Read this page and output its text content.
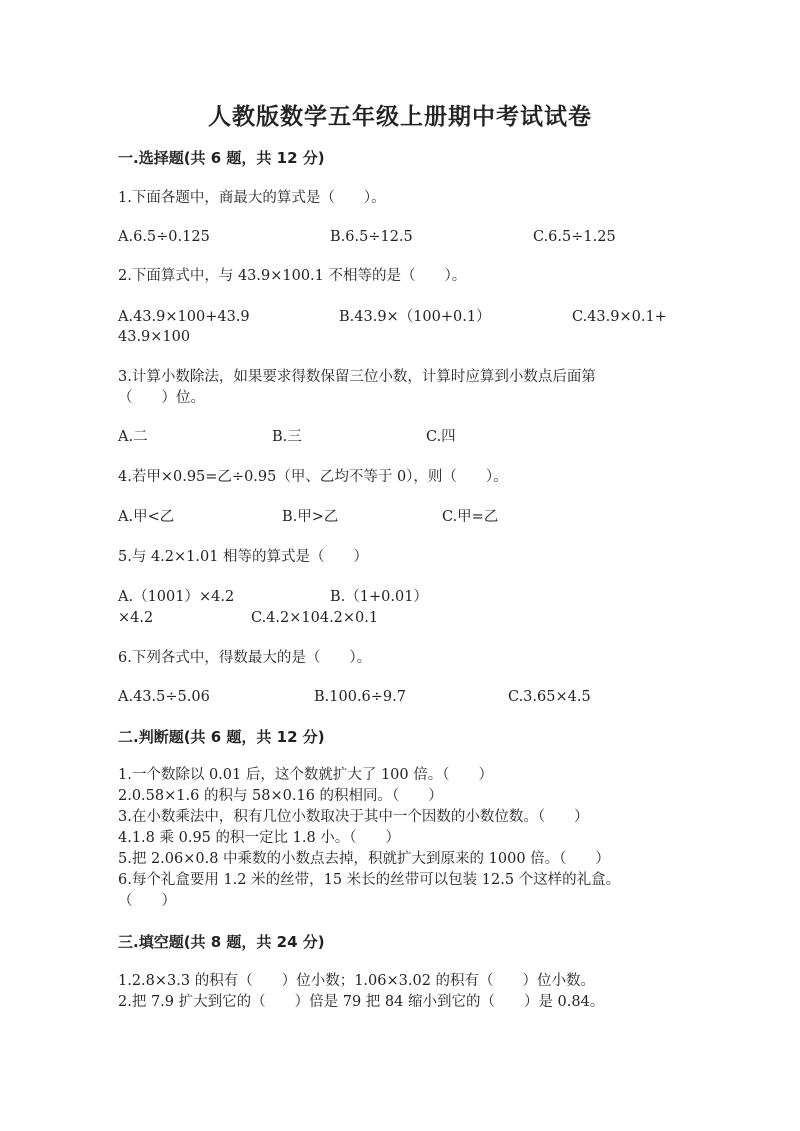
人教版数学五年级上册期中考试试卷
一.选择题(共 6 题，共 12 分)
1.下面各题中，商最大的算式是（　　）。
A.6.5÷0.125	B.6.5÷12.5	C.6.5÷1.25
2.下面算式中，与 43.9×100.1 不相等的是（　　）。
A.43.9×100+43.9	B.43.9×（100+0.1）	C.43.9×0.1+
43.9×100
3.计算小数除法，如果要求得数保留三位小数，计算时应算到小数点后面第
（　　）位。
A.二	B.三	C.四
4.若甲×0.95=乙÷0.95（甲、乙均不等于 0），则（　　）。
A.甲<乙	B.甲>乙	C.甲=乙
5.与 4.2×1.01 相等的算式是（　　）
A.（1001）×4.2	B.（1+0.01）
×4.2	C.4.2×104.2×0.1
6.下列各式中，得数最大的是（　　）。
A.43.5÷5.06	B.100.6÷9.7	C.3.65×4.5
二.判断题(共 6 题，共 12 分)
1.一个数除以 0.01 后，这个数就扩大了 100 倍。（　　）
2.0.58×1.6 的积与 58×0.16 的积相同。（　　）
3.在小数乘法中，积有几位小数取决于其中一个因数的小数位数。（　　）
4.1.8 乘 0.95 的积一定比 1.8 小。（　　）
5.把 2.06×0.8 中乘数的小数点去掉，积就扩大到原来的 1000 倍。（　　）
6.每个礼盒要用 1.2 米的丝带，15 米长的丝带可以包装 12.5 个这样的礼盒。
（　　）
三.填空题(共 8 题，共 24 分)
1.2.8×3.3 的积有（　　）位小数；1.06×3.02 的积有（　　）位小数。
2.把 7.9 扩大到它的（　　）倍是 79 把 84 缩小到它的（　　）是 0.84。
